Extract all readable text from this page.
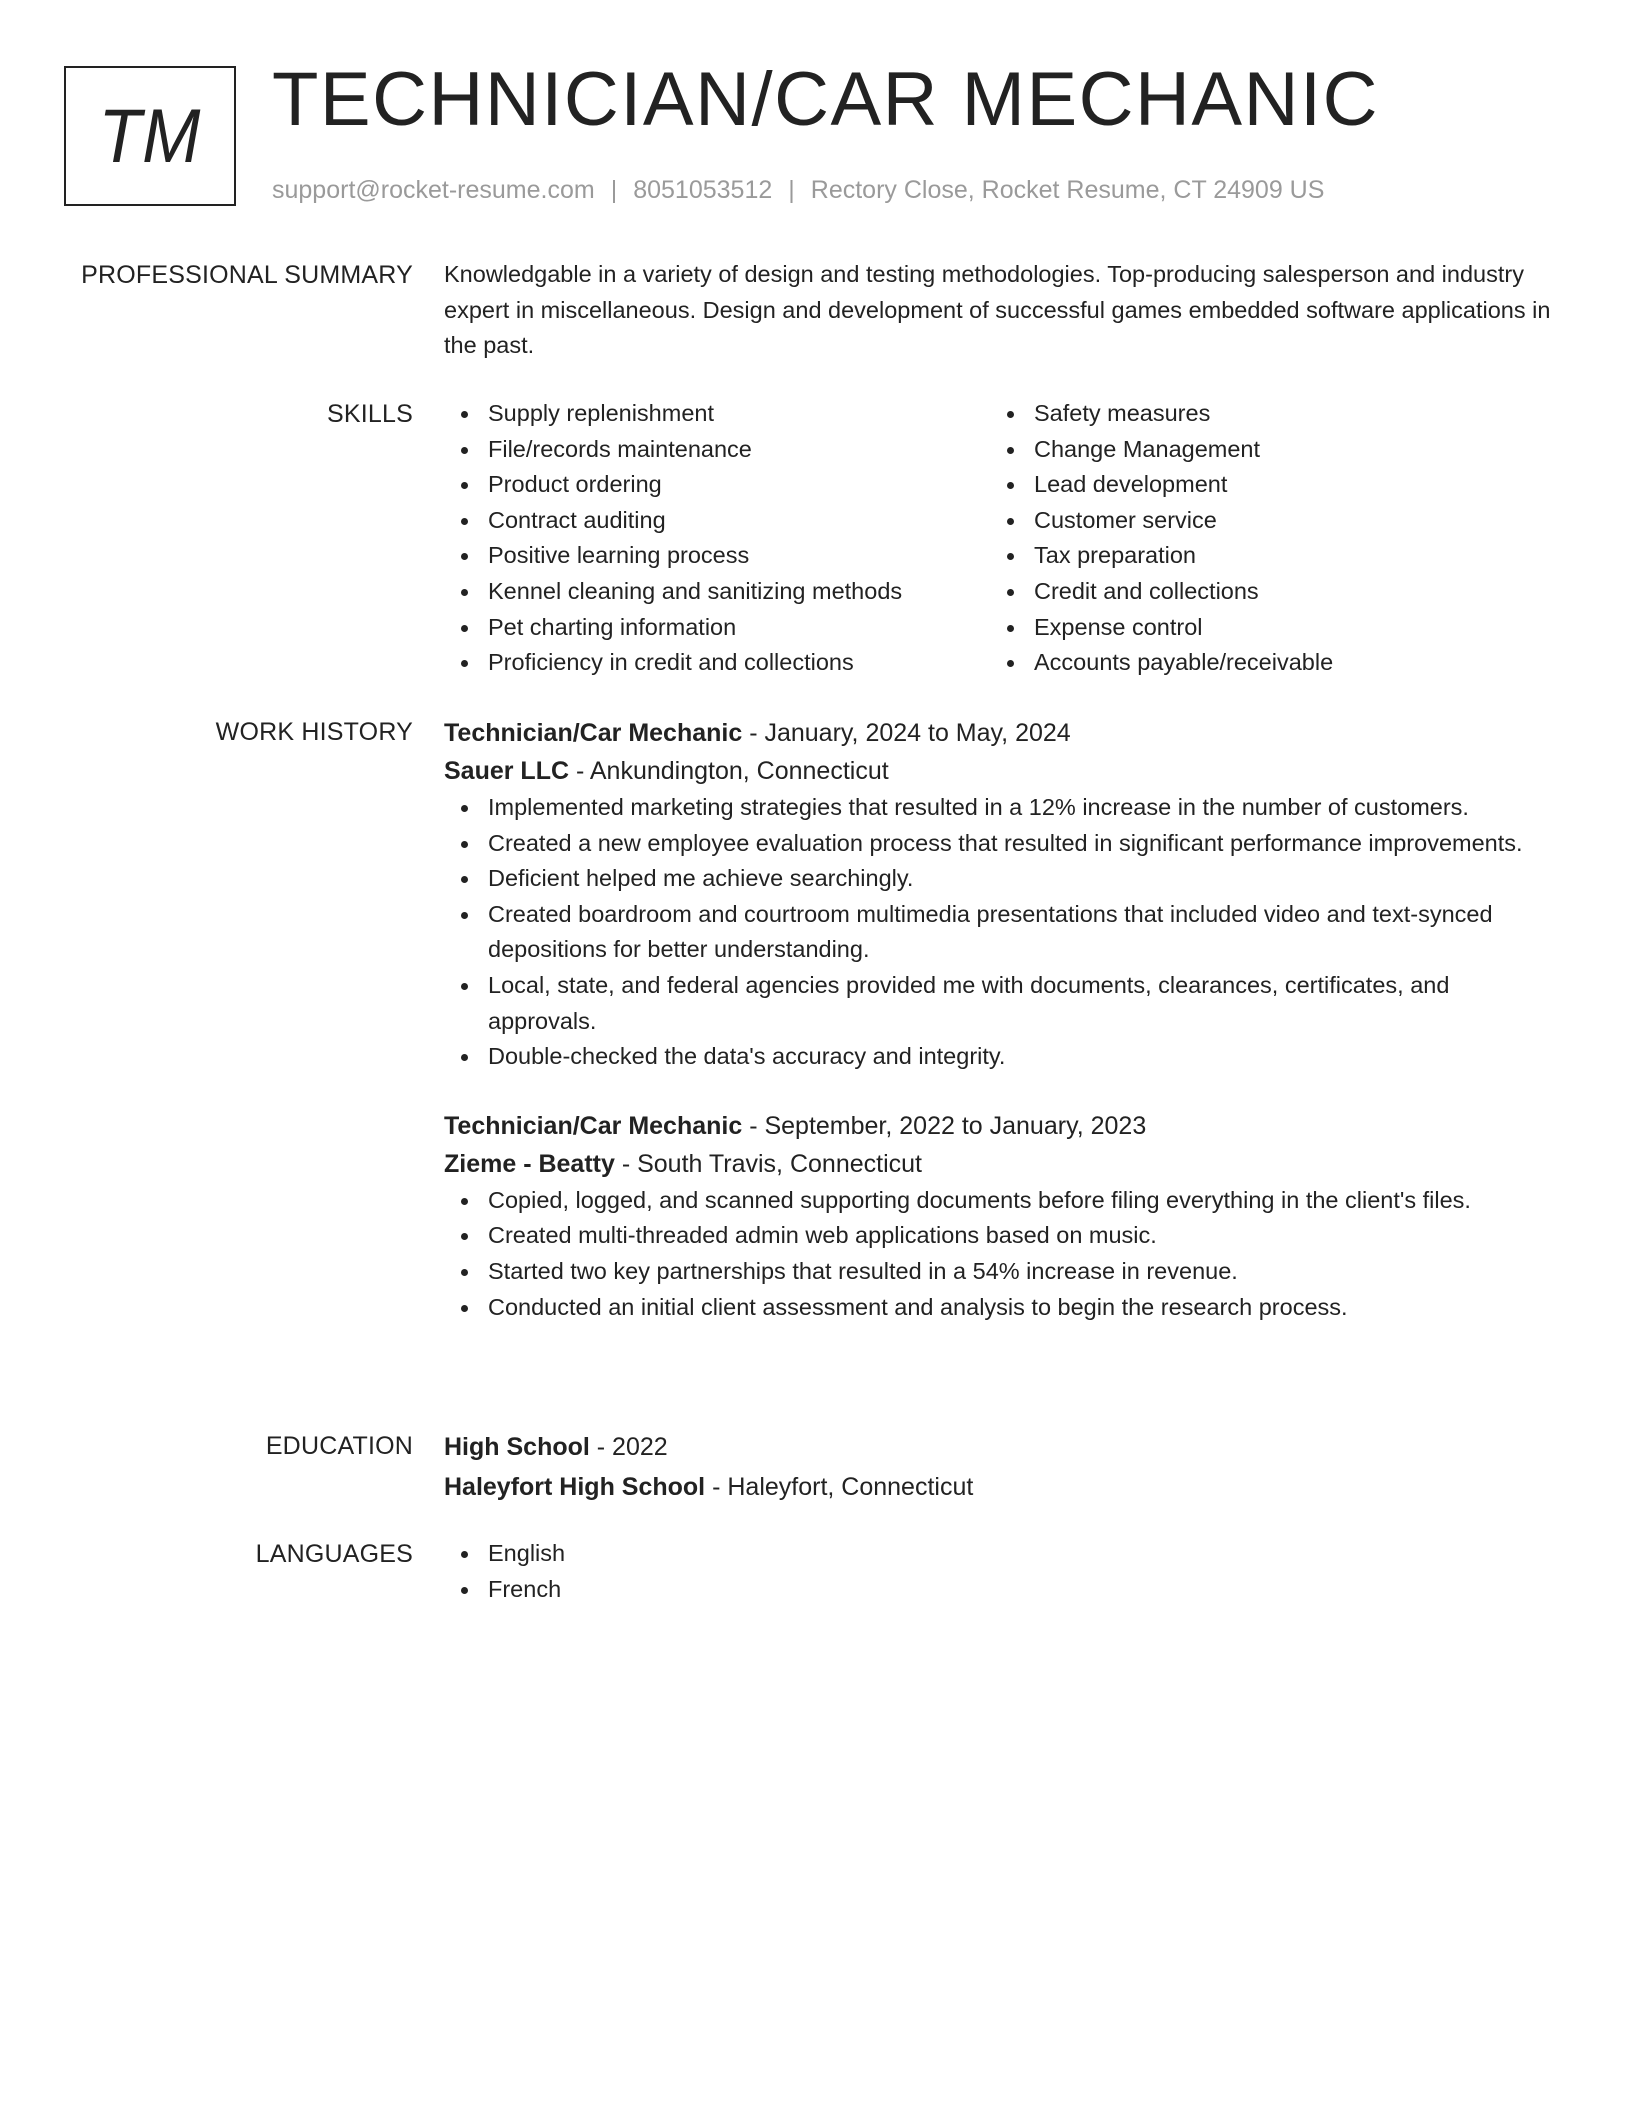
TM TECHNICIAN/CAR MECHANIC
support@rocket-resume.com | 8051053512 | Rectory Close, Rocket Resume, CT 24909 US
PROFESSIONAL SUMMARY Knowledgable in a variety of design and testing methodologies. Top-producing salesperson and industry expert in miscellaneous. Design and development of successful games embedded software applications in the past.

SKILLS	Supply replenishment
File/records maintenance
Product ordering
Contract auditing
Positive learning process
Kennel cleaning and sanitizing methods
Pet charting information
Proficiency in credit and collections
Safety measures
Change Management
Lead development
Customer service
Tax preparation
Credit and collections
Expense control
Accounts payable/receivable
WORK HISTORY Technician/Car Mechanic - January, 2024 to May, 2024
Sauer LLC - Ankundington, Connecticut
Implemented marketing strategies that resulted in a 12% increase in the number of customers.
Created a new employee evaluation process that resulted in significant performance improvements.
Deficient helped me achieve searchingly.
Created boardroom and courtroom multimedia presentations that included video and text-synced depositions for better understanding.
Local, state, and federal agencies provided me with documents, clearances, certificates, and approvals.
Double-checked the data's accuracy and integrity.
Technician/Car Mechanic - September, 2022 to January, 2023
Zieme - Beatty - South Travis, Connecticut
Copied, logged, and scanned supporting documents before filing everything in the client's files.
Created multi-threaded admin web applications based on music.
Started two key partnerships that resulted in a 54% increase in revenue.
Conducted an initial client assessment and analysis to begin the research process.
EDUCATION High School - 2022
Haleyfort High School - Haleyfort, Connecticut
LANGUAGES	English
French
